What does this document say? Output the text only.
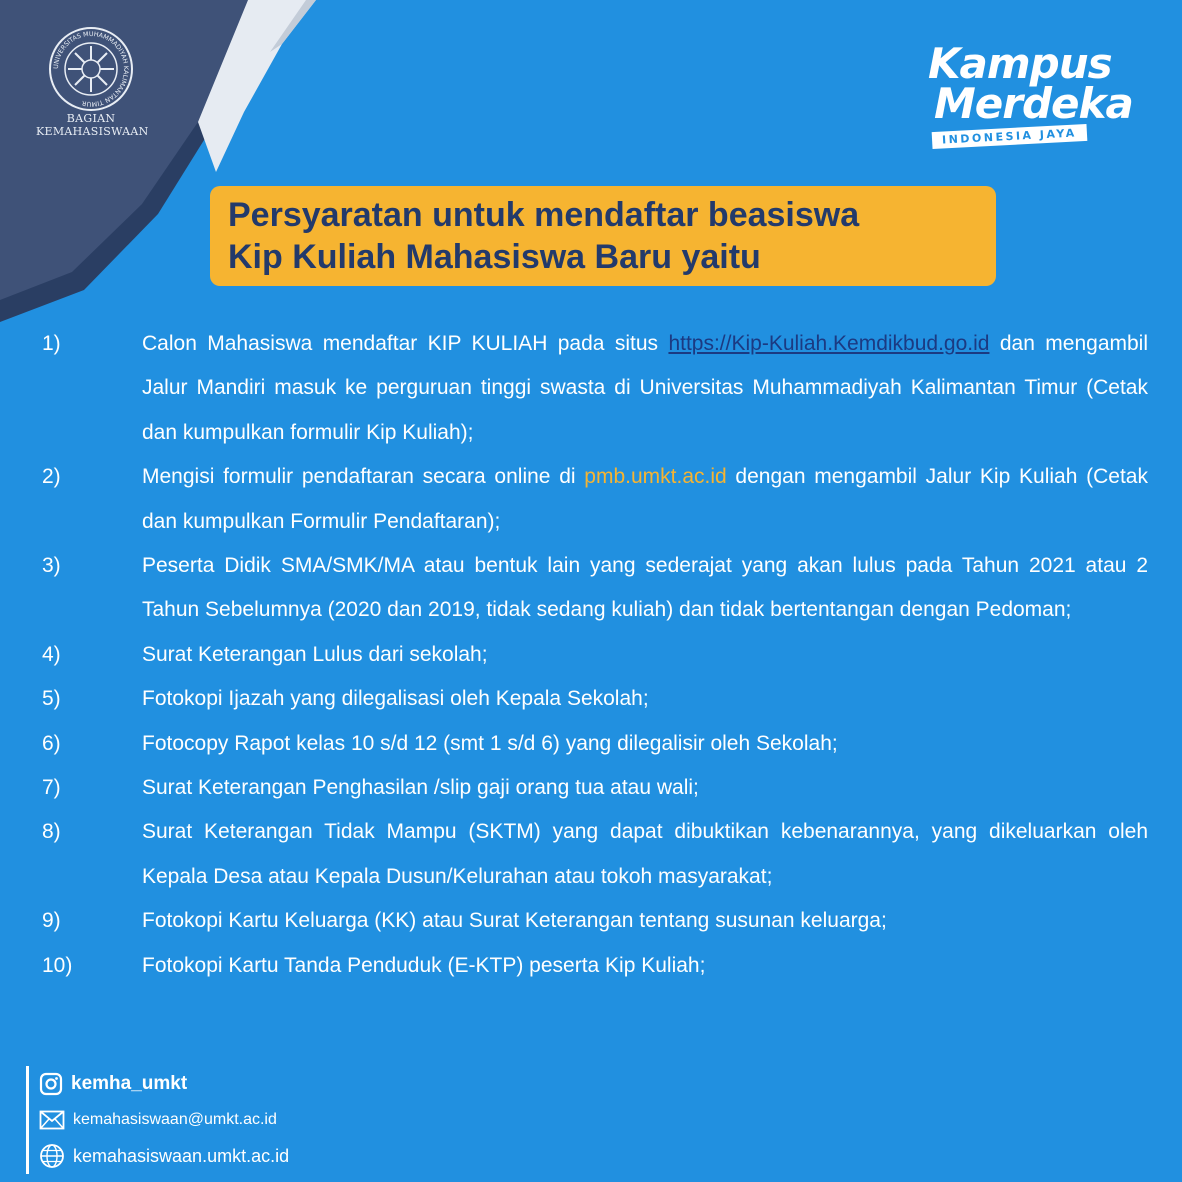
UNIVERSITAS MUHAMMADIYAH KALIMANTAN TIMUR
BAGIAN
KEMAHASISWAAN
Kampus
Merdeka
INDONESIA JAYA
Persyaratan untuk mendaftar beasiswa
Kip Kuliah Mahasiswa Baru yaitu
1)	Calon Mahasiswa mendaftar KIP KULIAH pada situs https://Kip-Kuliah.Kemdikbud.go.id dan mengambil Jalur Mandiri masuk ke perguruan tinggi swasta di Universitas Muhammadiyah Kalimantan Timur (Cetak dan kumpulkan formulir Kip Kuliah);
2)	Mengisi formulir pendaftaran secara online di pmb.umkt.ac.id dengan mengambil Jalur Kip Kuliah (Cetak dan kumpulkan Formulir Pendaftaran);
3)	Peserta Didik SMA/SMK/MA atau bentuk lain yang sederajat yang akan lulus pada Tahun 2021 atau 2 Tahun Sebelumnya (2020 dan 2019, tidak sedang kuliah) dan tidak bertentangan dengan Pedoman;
4)	Surat Keterangan Lulus dari sekolah;
5)	Fotokopi Ijazah yang dilegalisasi oleh Kepala Sekolah;
6)	Fotocopy Rapot kelas 10 s/d 12 (smt 1 s/d 6) yang dilegalisir oleh Sekolah;
7)	Surat Keterangan Penghasilan /slip gaji orang tua atau wali;
8)	Surat Keterangan Tidak Mampu (SKTM) yang dapat dibuktikan kebenarannya, yang dikeluarkan oleh Kepala Desa atau Kepala Dusun/Kelurahan atau tokoh masyarakat;
9)	Fotokopi Kartu Keluarga (KK) atau Surat Keterangan tentang susunan keluarga;
10)	Fotokopi Kartu Tanda Penduduk (E-KTP) peserta Kip Kuliah;
kemha_umkt
kemahasiswaan@umkt.ac.id
kemahasiswaan.umkt.ac.id
